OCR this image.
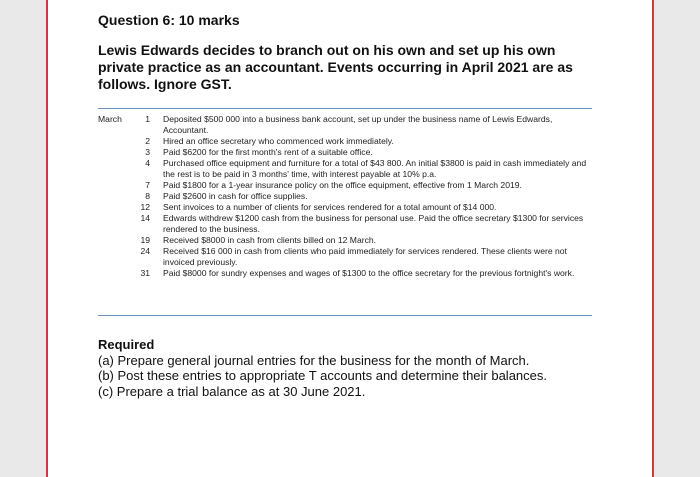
Question 6: 10 marks
Lewis Edwards decides to branch out on his own and set up his own private practice as an accountant. Events occurring in April 2021 are as follows. Ignore GST.
March	1 Deposited $500 000 into a business bank account, set up under the business name of Lewis Edwards, Accountant.
2 Hired an office secretary who commenced work immediately.
3 Paid $6200 for the first month's rent of a suitable office.
4 Purchased office equipment and furniture for a total of $43 800. An initial $3800 is paid in cash immediately and the rest is to be paid in 3 months' time, with interest payable at 10% p.a.
7 Paid $1800 for a 1-year insurance policy on the office equipment, effective from 1 March 2019.
8 Paid $2600 in cash for office supplies.
12 Sent invoices to a number of clients for services rendered for a total amount of $14 000.
14 Edwards withdrew $1200 cash from the business for personal use. Paid the office secretary $1300 for services rendered to the business.
19 Received $8000 in cash from clients billed on 12 March.
24 Received $16 000 in cash from clients who paid immediately for services rendered. These clients were not invoiced previously.
31 Paid $8000 for sundry expenses and wages of $1300 to the office secretary for the previous fortnight's work.
Required
(a) Prepare general journal entries for the business for the month of March.
(b) Post these entries to appropriate T accounts and determine their balances.
(c) Prepare a trial balance as at 30 June 2021.
